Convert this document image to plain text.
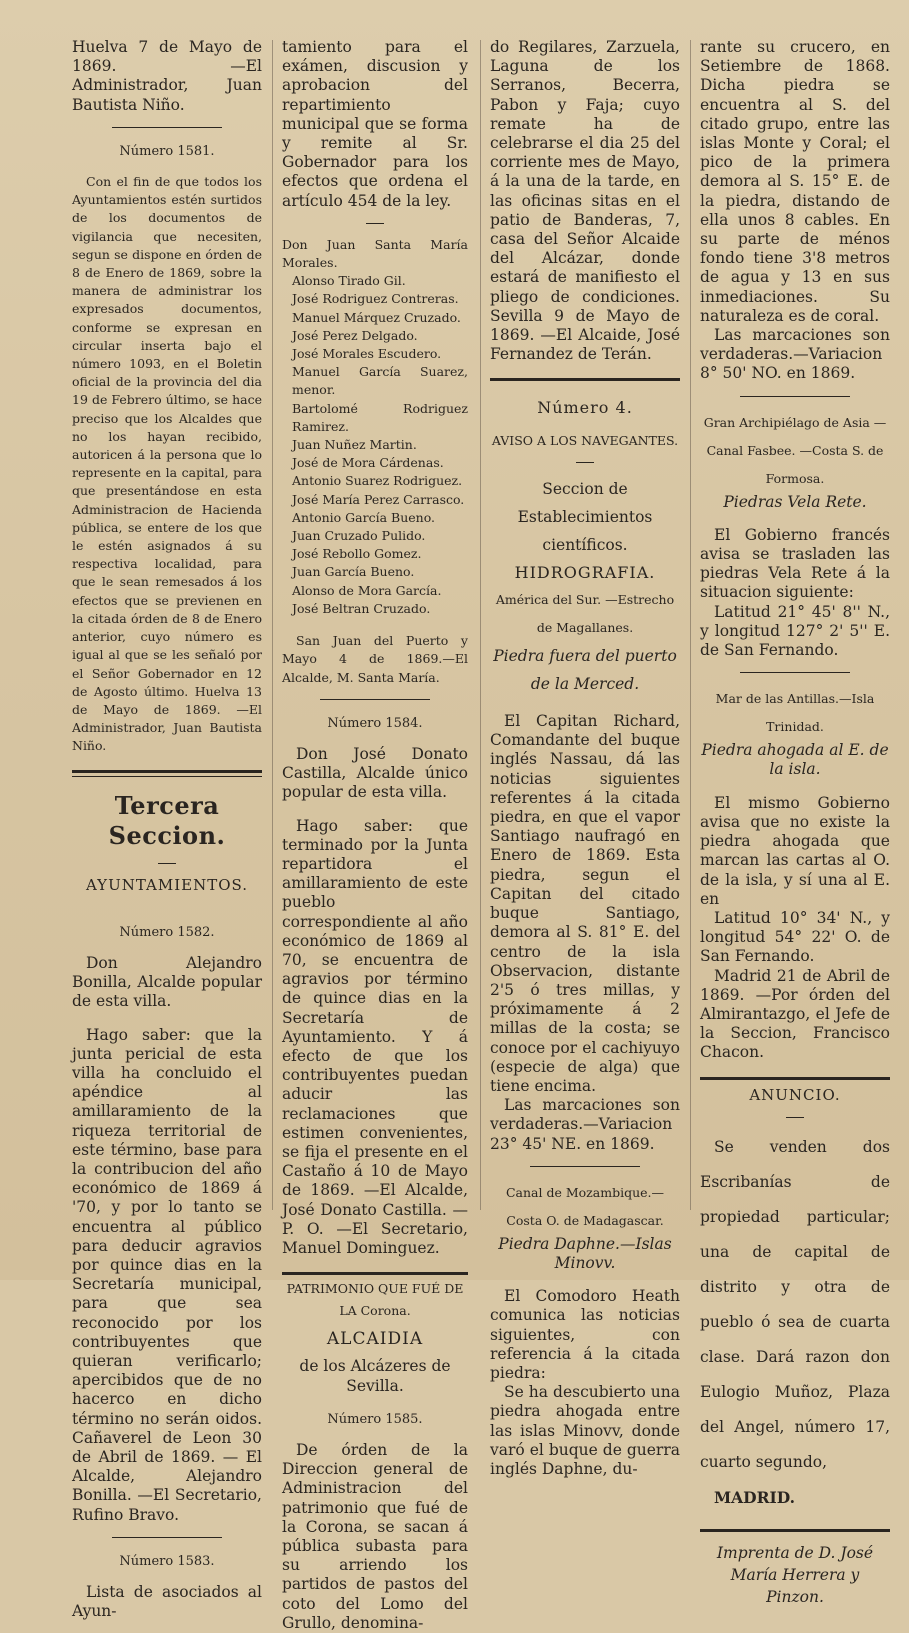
Huelva 7 de Mayo de 1869. —El Administrador, Juan Bautista Niño.

Número 1581.

Con el fin de que todos los Ayuntamientos estén surtidos de los documentos de vigilancia que necesiten, segun se dispone en órden de 8 de Enero de 1869, sobre la manera de administrar los expresados documentos, conforme se expresan en circular inserta bajo el número 1093, en el Boletin oficial de la provincia del dia 19 de Febrero último, se hace preciso que los Alcaldes que no los hayan recibido, autoricen á la persona que lo represente en la capital, para que presentándose en esta Administracion de Hacienda pública, se entere de los que le estén asignados á su respectiva localidad, para que le sean remesados á los efectos que se previenen en la citada órden de 8 de Enero anterior, cuyo número es igual al que se les señaló por el Señor Gobernador en 12 de Agosto último. Huelva 13 de Mayo de 1869. —El Administrador, Juan Bautista Niño.

Tercera Seccion.

AYUNTAMIENTOS.

Número 1582.

Don Alejandro Bonilla, Alcalde popular de esta villa.

Hago saber: que la junta pericial de esta villa ha concluido el apéndice al amillaramiento de la riqueza territorial de este término, base para la contribucion del año económico de 1869 á '70, y por lo tanto se encuentra al público para deducir agravios por quince dias en la Secretaría municipal, para que sea reconocido por los contribuyentes que quieran verificarlo; apercibidos que de no hacerco en dicho término no serán oidos. Cañaverel de Leon 30 de Abril de 1869. — El Alcalde, Alejandro Bonilla. —El Secretario, Rufino Bravo.

Número 1583.

Lista de asociados al Ayun-

tamiento para el exámen, discusion y aprobacion del repartimiento municipal que se forma y remite al Sr. Gobernador para los efectos que ordena el artículo 454 de la ley.

Don Juan Santa María Morales.

Alonso Tirado Gil.

José Rodriguez Contreras.

Manuel Márquez Cruzado.

José Perez Delgado.

José Morales Escudero.

Manuel García Suarez, menor.

Bartolomé Rodriguez Ramirez.

Juan Nuñez Martin.

José de Mora Cárdenas.

Antonio Suarez Rodriguez.

José María Perez Carrasco.

Antonio García Bueno.

Juan Cruzado Pulido.

José Rebollo Gomez.

Juan García Bueno.

Alonso de Mora García.

José Beltran Cruzado.

San Juan del Puerto y Mayo 4 de 1869.—El Alcalde, M. Santa María.

Número 1584.

Don José Donato Castilla, Alcalde único popular de esta villa.

Hago saber: que terminado por la Junta repartidora el amillaramiento de este pueblo correspondiente al año económico de 1869 al 70, se encuentra de agravios por término de quince dias en la Secretaría de Ayuntamiento. Y á efecto de que los contribuyentes puedan aducir las reclamaciones que estimen convenientes, se fija el presente en el Castaño á 10 de Mayo de 1869. —El Alcalde, José Donato Castilla. —P. O. —El Secretario, Manuel Dominguez.

PATRIMONIO QUE FUÉ DE LA Corona.

ALCAIDIA

de los Alcázeres de Sevilla.

Número 1585.

De órden de la Direccion general de Administracion del patrimonio que fué de la Corona, se sacan á pública subasta para su arriendo los partidos de pastos del coto del Lomo del Grullo, denomina-

do Regilares, Zarzuela, Laguna de los Serranos, Becerra, Pabon y Faja; cuyo remate ha de celebrarse el dia 25 del corriente mes de Mayo, á la una de la tarde, en las oficinas sitas en el patio de Banderas, 7, casa del Señor Alcaide del Alcázar, donde estará de manifiesto el pliego de condiciones. Sevilla 9 de Mayo de 1869. —El Alcaide, José Fernandez de Terán.

Número 4.

AVISO A LOS NAVEGANTES.

Seccion de Establecimientos científicos.

HIDROGRAFIA.

América del Sur. —Estrecho de Magallanes.

Piedra fuera del puerto de la Merced.

El Capitan Richard, Comandante del buque inglés Nassau, dá las noticias siguientes referentes á la citada piedra, en que el vapor Santiago naufragó en Enero de 1869. Esta piedra, segun el Capitan del citado buque Santiago, demora al S. 81° E. del centro de la isla Observacion, distante 2'5 ó tres millas, y próximamente á 2 millas de la costa; se conoce por el cachiyuyo (especie de alga) que tiene encima.

Las marcaciones son verdaderas.—Variacion 23° 45' NE. en 1869.

Canal de Mozambique.—Costa O. de Madagascar.

Piedra Daphne.—Islas Minovv.

El Comodoro Heath comunica las noticias siguientes, con referencia á la citada piedra:

Se ha descubierto una piedra ahogada entre las islas Minovv, donde varó el buque de guerra inglés Daphne, du-

rante su crucero, en Setiembre de 1868. Dicha piedra se encuentra al S. del citado grupo, entre las islas Monte y Coral; el pico de la primera demora al S. 15° E. de la piedra, distando de ella unos 8 cables. En su parte de ménos fondo tiene 3'8 metros de agua y 13 en sus inmediaciones. Su naturaleza es de coral.

Las marcaciones son verdaderas.—Variacion 8° 50' NO. en 1869.

Gran Archipiélago de Asia —Canal Fasbee. —Costa S. de Formosa.

Piedras Vela Rete.

El Gobierno francés avisa se trasladen las piedras Vela Rete á la situacion siguiente:

Latitud 21° 45' 8'' N., y longitud 127° 2' 5'' E. de San Fernando.

Mar de las Antillas.—Isla Trinidad.

Piedra ahogada al E. de la isla.

El mismo Gobierno avisa que no existe la piedra ahogada que marcan las cartas al O. de la isla, y sí una al E. en

Latitud 10° 34' N., y longitud 54° 22' O. de San Fernando.

Madrid 21 de Abril de 1869. —Por órden del Almirantazgo, el Jefe de la Seccion, Francisco Chacon.

ANUNCIO.

Se venden dos Escribanías de propiedad particular; una de capital de distrito y otra de pueblo ó sea de cuarta clase. Dará razon don Eulogio Muñoz, Plaza del Angel, número 17, cuarto segundo,

MADRID.

Imprenta de D. José María Herrera y Pinzon.
